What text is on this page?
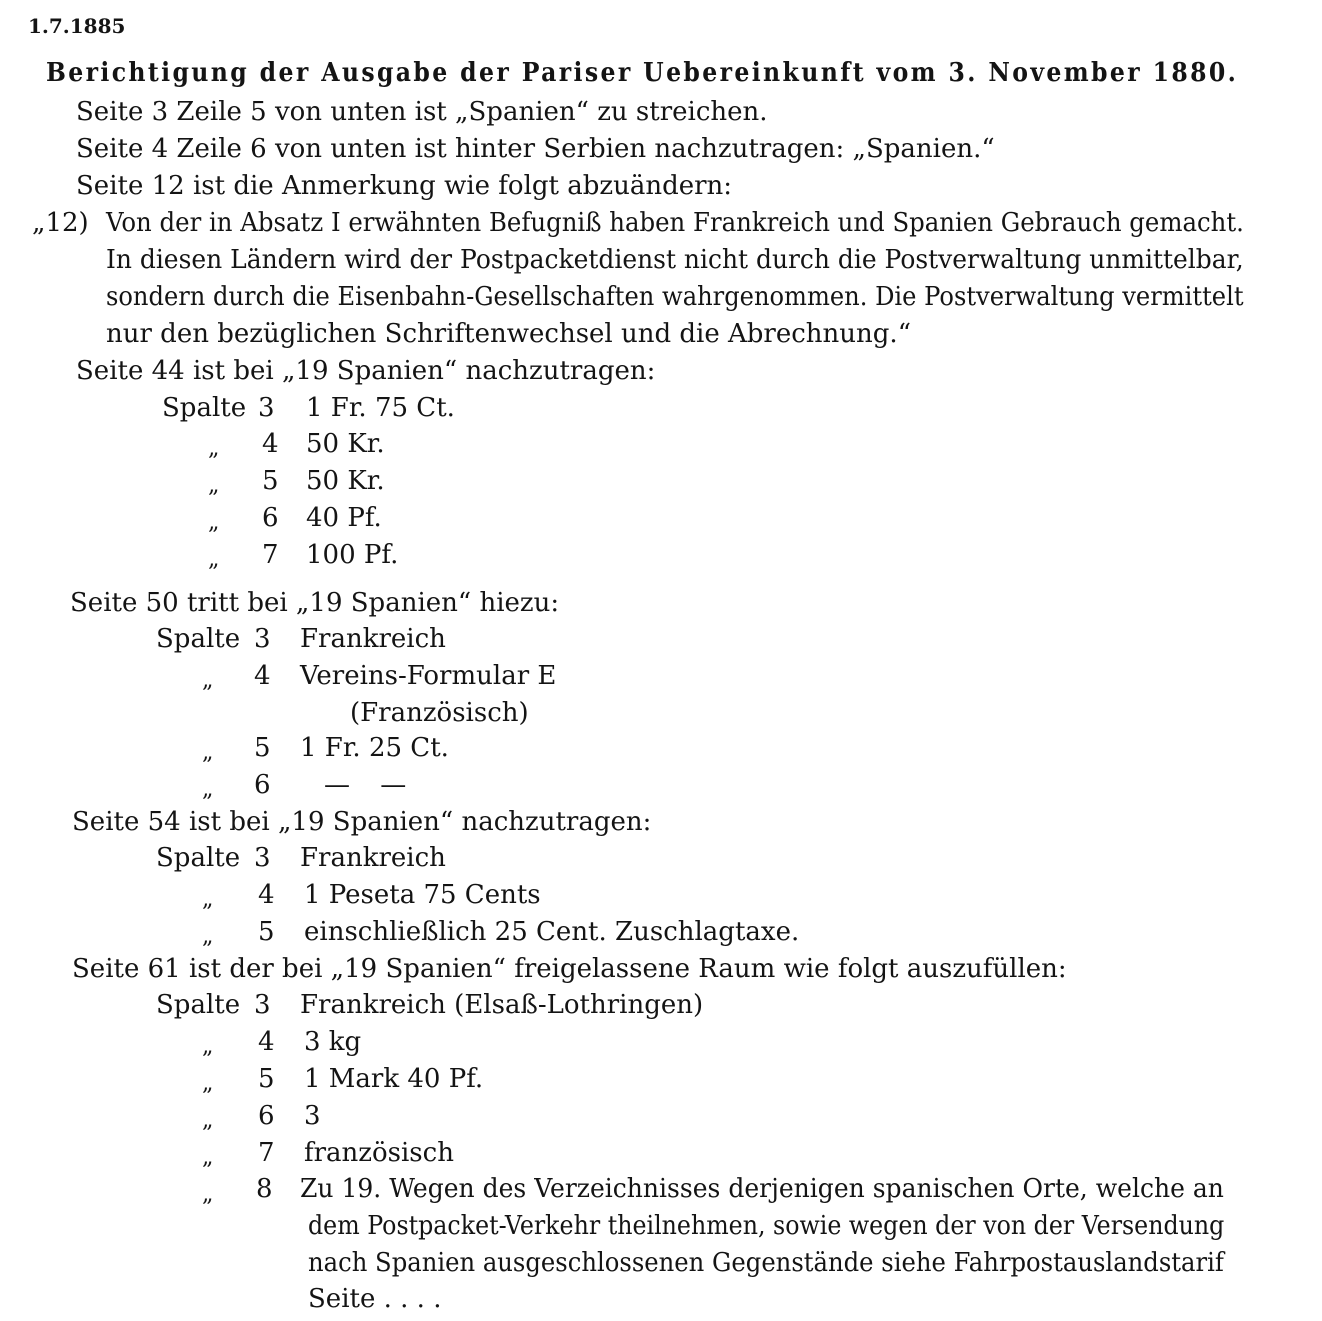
1.7.1885
Berichtigung der Ausgabe der Pariser Uebereinkunft vom 3. November 1880.
Seite 3 Zeile 5 von unten ist „Spanien“ zu streichen.
Seite 4 Zeile 6 von unten ist hinter Serbien nachzutragen: „Spanien.“
Seite 12 ist die Anmerkung wie folgt abzuändern:
„12) Von der in Absatz I erwähnten Befugniß haben Frankreich und Spanien Gebrauch gemacht.
In diesen Ländern wird der Postpacketdienst nicht durch die Postverwaltung unmittelbar,
sondern durch die Eisenbahn-Gesellschaften wahrgenommen. Die Postverwaltung vermittelt
nur den bezüglichen Schriftenwechsel und die Abrechnung.“
Seite 44 ist bei „19 Spanien“ nachzutragen:
Spalte 3 1 Fr. 75 Ct.
„ 4 50 Kr.
„ 5 50 Kr.
„ 6 40 Pf.
„ 7 100 Pf.
Seite 50 tritt bei „19 Spanien“ hiezu:
Spalte 3 Frankreich
„ 4 Vereins-Formular E
(Französisch)
„ 5 1 Fr. 25 Ct.
„ 6 — —
Seite 54 ist bei „19 Spanien“ nachzutragen:
Spalte 3 Frankreich
„ 4 1 Peseta 75 Cents
„ 5 einschließlich 25 Cent. Zuschlagtaxe.
Seite 61 ist der bei „19 Spanien“ freigelassene Raum wie folgt auszufüllen:
Spalte 3 Frankreich (Elsaß-Lothringen)
„ 4 3 kg
„ 5 1 Mark 40 Pf.
„ 6 3
„ 7 französisch
„ 8 Zu 19. Wegen des Verzeichnisses derjenigen spanischen Orte, welche an
dem Postpacket-Verkehr theilnehmen, sowie wegen der von der Versendung
nach Spanien ausgeschlossenen Gegenstände siehe Fahrpostauslandstarif
Seite . . . .
